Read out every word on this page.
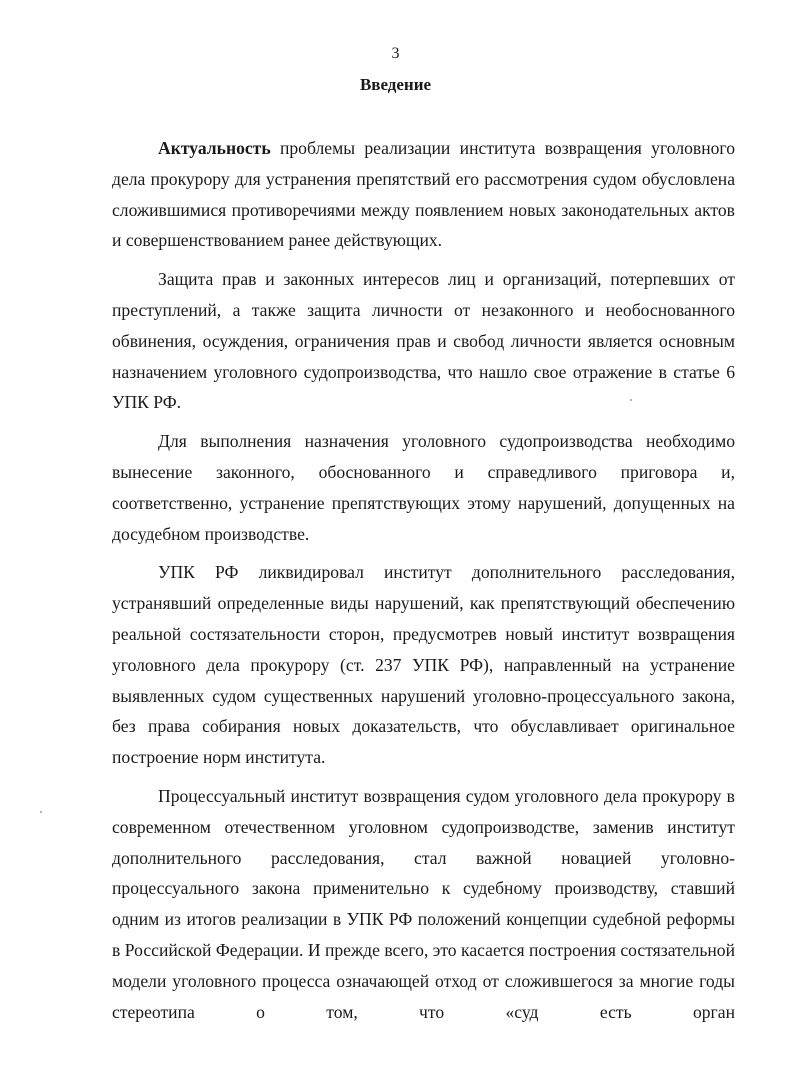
3
Введение

Актуальность проблемы реализации института возвращения уголовного дела прокурору для устранения препятствий его рассмотрения судом обусловлена сложившимися противоречиями между появлением новых законодательных актов и совершенствованием ранее действующих.

Защита прав и законных интересов лиц и организаций, потерпевших от преступлений, а также защита личности от незаконного и необоснованного обвинения, осуждения, ограничения прав и свобод личности является основным назначением уголовного судопроизводства, что нашло свое отражение в статье 6 УПК РФ.

Для выполнения назначения уголовного судопроизводства необходимо вынесение законного, обоснованного и справедливого приговора и, соответственно, устранение препятствующих этому нарушений, допущенных на досудебном производстве.

УПК РФ ликвидировал институт дополнительного расследования, устранявший определенные виды нарушений, как препятствующий обеспечению реальной состязательности сторон, предусмотрев новый институт возвращения уголовного дела прокурору (ст. 237 УПК РФ), направленный на устранение выявленных судом существенных нарушений уголовно-процессуального закона, без права собирания новых доказательств, что обуславливает оригинальное построение норм института.

Процессуальный институт возвращения судом уголовного дела прокурору в современном отечественном уголовном судопроизводстве, заменив институт дополнительного расследования, стал важной новацией уголовно-процессуального закона применительно к судебному производству, ставший одним из итогов реализации в УПК РФ положений концепции судебной реформы в Российской Федерации. И прежде всего, это касается построения состязательной модели уголовного процесса означающей отход от сложившегося за многие годы стереотипа о том, что «суд есть орган
